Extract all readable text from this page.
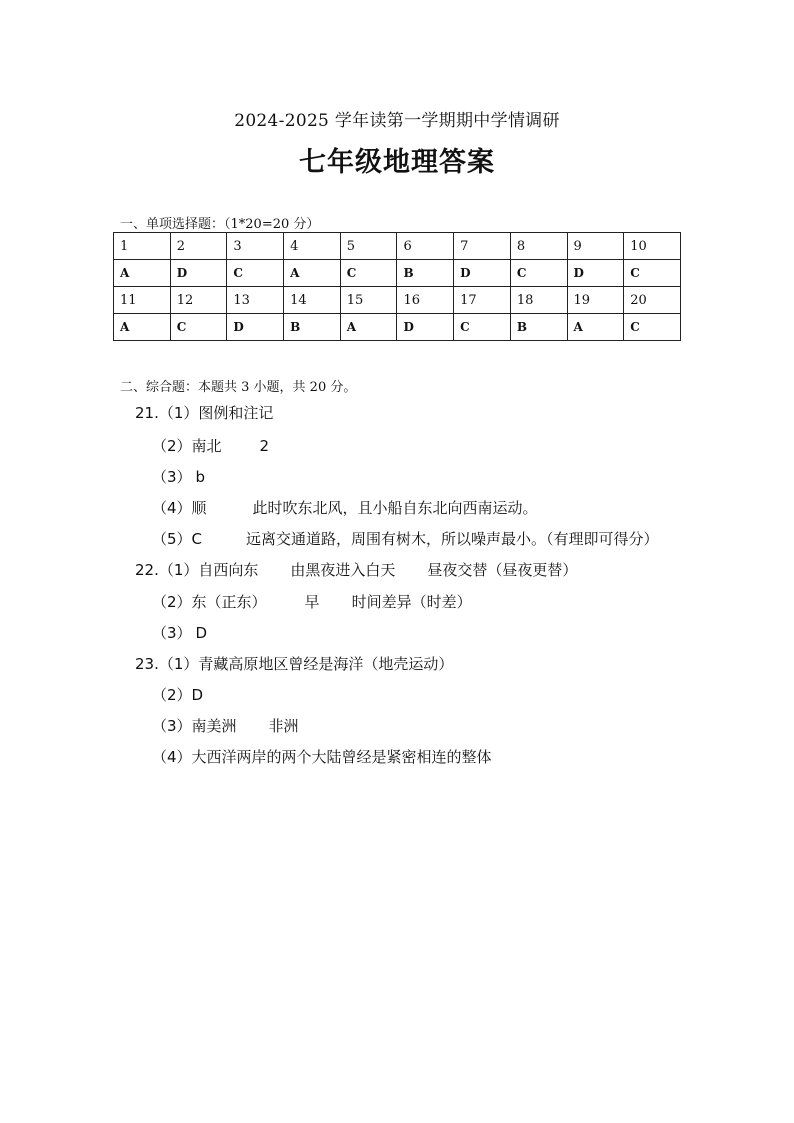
2024-2025 学年读第一学期期中学情调研
七年级地理答案
一、单项选择题：（1*20=20 分）
1	2	3	4	5	6	7	8	9	10
A	D	C	A	C	B	D	C	D	C
11	12	13	14	15	16	17	18	19	20
A	C	D	B	A	D	C	B	A	C
二、综合题：本题共 3 小题，共 20 分。
21.（1）图例和注记
（2）南北	2
（3） b
（4）顺	此时吹东北风，且小船自东北向西南运动。
（5）C	远离交通道路，周围有树木，所以噪声最小。（有理即可得分）
22.（1）自西向东 由黑夜进入白天 昼夜交替（昼夜更替）
（2）东（正东）	早 时间差异（时差）
（3） D
23.（1）青藏高原地区曾经是海洋（地壳运动）
（2）D
（3）南美洲 非洲
（4）大西洋两岸的两个大陆曾经是紧密相连的整体
